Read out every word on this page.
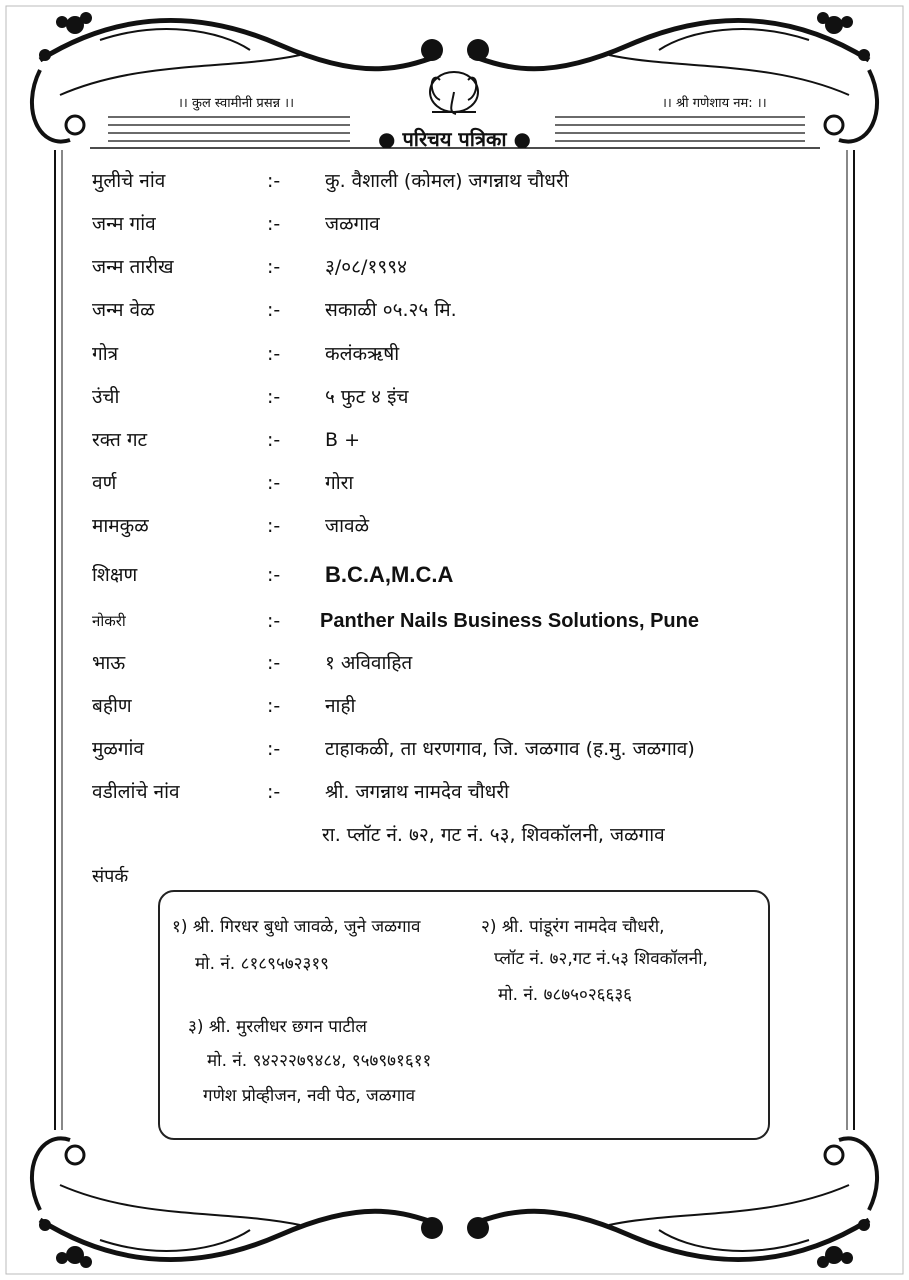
।। कुल स्वामीनी प्रसन्न ।।	।। श्री गणेशाय नम: ।।
● परिचय पत्रिका ●
मुलीचे नांव	:- कु. वैशाली (कोमल) जगन्नाथ चौधरी
जन्म गांव	:- जळगाव
जन्म तारीख	:- ३/०८/१९९४
जन्म वेळ	:- सकाळी ०५.२५ मि.
गोत्र	:- कलंकऋषी
उंची	:- ५ फुट ४ इंच
रक्त गट	:- B +
वर्ण	:- गोरा
मामकुळ	:- जावळे
शिक्षण	:- B.C.A,M.C.A
नोकरी	:- Panther Nails Business Solutions, Pune
भाऊ	:- १ अविवाहित
बहीण	:- नाही
मुळगांव	:- टाहाकळी, ता धरणगाव, जि. जळगाव (ह.मु. जळगाव)
वडीलांचे नांव	:- श्री. जगन्नाथ नामदेव चौधरी
रा. प्लॉट नं. ७२, गट नं. ५३, शिवकॉलनी, जळगाव
संपर्क
१) श्री. गिरधर बुधो जावळे, जुने जळगाव
मो. नं. ८१८९५७२३१९
२) श्री. पांडूरंग नामदेव चौधरी,
प्लॉट नं. ७२,गट नं.५३ शिवकॉलनी,
मो. नं. ७८७५०२६६३६
३) श्री. मुरलीधर छगन पाटील
मो. नं. ९४२२२७९४८४, ९५७९७१६११
गणेश प्रोव्हीजन, नवी पेठ, जळगाव
